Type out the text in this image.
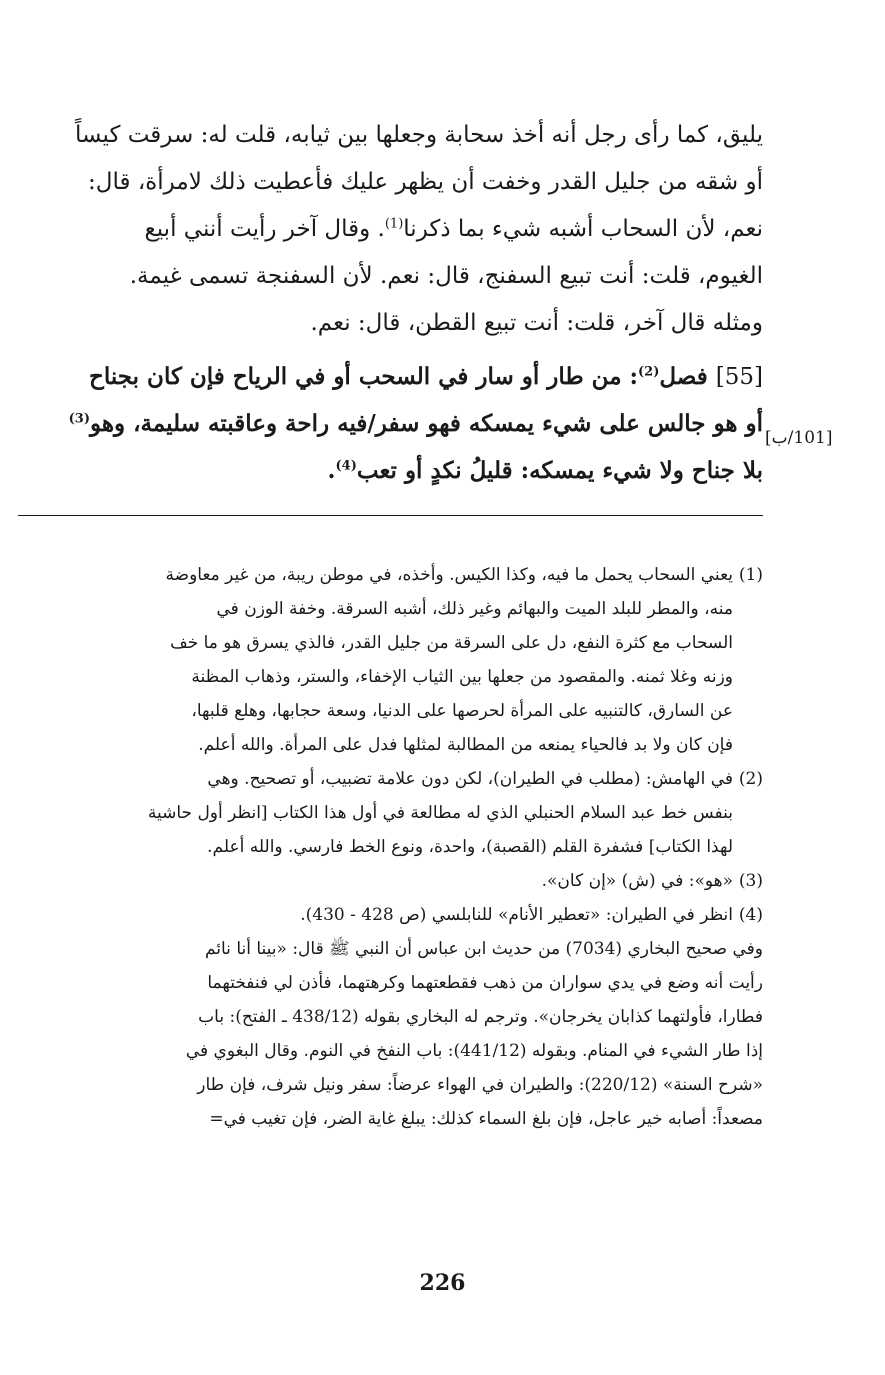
يليق، كما رأى رجل أنه أخذ سحابة وجعلها بين ثيابه، قلت له: سرقت كيساً
أو شقه من جليل القدر وخفت أن يظهر عليك فأعطيت ذلك لامرأة، قال:
نعم، لأن السحاب أشبه شيء بما ذكرنا$^{(1)}$. وقال آخر رأيت أنني أبيع
الغيوم، قلت: أنت تبيع السفنج، قال: نعم. لأن السفنجة تسمى غيمة.
ومثله قال آخر، قلت: أنت تبيع القطن، قال: نعم.
[55] فصل$^{(2)}$: من طار أو سار في السحب أو في الرياح فإن كان بجناح
أو هو جالس على شيء يمسكه فهو سفر/فيه راحة وعاقبته سليمة، وهو$^{(3)}$
بلا جناح ولا شيء يمسكه: قليلُ نكدٍ أو تعب$^{(4)}$.
[101/ب]
(1)
يعني السحاب يحمل ما فيه، وكذا الكيس. وأخذه، في موطن ريبة، من غير معاوضة
منه، والمطر للبلد الميت والبهائم وغير ذلك، أشبه السرقة. وخفة الوزن في
السحاب مع كثرة النفع، دل على السرقة من جليل القدر، فالذي يسرق هو ما خف
وزنه وغلا ثمنه. والمقصود من جعلها بين الثياب الإخفاء، والستر، وذهاب المظنة
عن السارق، كالتنبيه على المرأة لحرصها على الدنيا، وسعة حجابها، وهلع قلبها،
فإن كان ولا بد فالحياء يمنعه من المطالبة لمثلها فدل على المرأة. والله أعلم.
(2)
في الهامش: (مطلب في الطيران)، لكن دون علامة تضبيب، أو تصحيح. وهي
بنفس خط عبد السلام الحنبلي الذي له مطالعة في أول هذا الكتاب [انظر أول حاشية
لهذا الكتاب] فشفرة القلم (القصبة)، واحدة، ونوع الخط فارسي. والله أعلم.
(3)
«هو»: في (ش) «إن كان».
(4)
انظر في الطيران: «تعطير الأنام» للنابلسي (ص 428 - 430).
وفي صحيح البخاري (7034) من حديث ابن عباس أن النبي ﷺ قال: «بينا أنا نائم
رأيت أنه وضع في يدي سواران من ذهب فقطعتهما وكرهتهما، فأذن لي فنفختهما
فطارا، فأولتهما كذابان يخرجان». وترجم له البخاري بقوله (438/12 ـ الفتح): باب
إذا طار الشيء في المنام. وبقوله (441/12): باب النفخ في النوم. وقال البغوي في
«شرح السنة» (220/12): والطيران في الهواء عرضاً: سفر ونيل شرف، فإن طار
مصعداً: أصابه خير عاجل، فإن بلغ السماء كذلك: يبلغ غاية الضر، فإن تغيب في=
226
